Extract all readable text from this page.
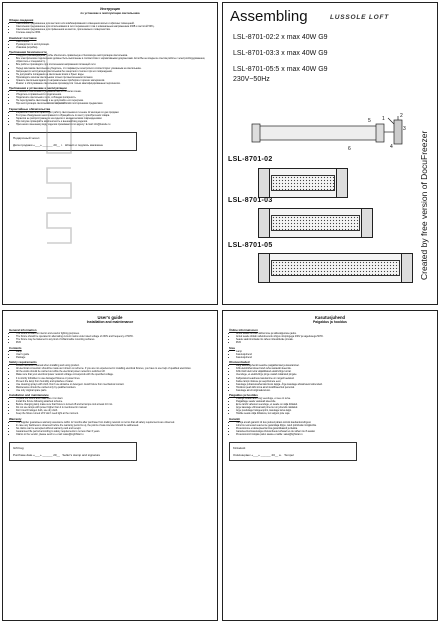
Инструкция
по установке и эксплуатации светильника
Общие сведения
• Светильник предназначен для местного или комбинированного освещения жилых и офисных помещений.
• Светильник предназначен для использования в сети переменного тока с номинальным напряжением 230В и частотой 50Гц.
• Светильник предназначен для применения на местах, прилегаемых к поверхностям.
• Степень защиты IP20.
Комплект поставки
• Светильник.
• Руководство по эксплуатации.
• Упаковка (коробка).
Требования безопасности
• Следуйте рекомендациям, чтобы обеспечить правильную и безопасную эксплуатацию светильника.
• Все электрические подключения должны быть выполнены в соответствии с нормативными документами. Если Вы не владеете опытом работы с электрооборудованием, обратитесь к специалисту.
• Все работы производите при отключенном напряжении питающей сети.
• Перед монтажом светильника убедитесь, что параметры электросети соответствуют указанным на светильнике.
• Запрещается эксплуатация светильника без защитного стекла и при его повреждении.
• Не допускайте попадания на светильник влаги и брызг воды.
• Производите монтаж светильника только при выключенном питании.
• Храните светильник вдали от нагревательных приборов и горючих материалов.
• Ремонт и обслуживание светильника производится только квалифицированным персоналом.
Требования к установке и эксплуатации
• Установите светильник в указанное место согласно схеме.
• Убедитесь в правильности подключения.
• Подключите светильник к сети, соблюдая полярность.
• Не перегружайте светильник и не допускайте его перегрева.
• При эксплуатации светильника не закрывайте его посторонними предметами.
Гарантийные обязательства
• Фирма-изготовитель гарантирует работу светильника в течение 12 месяцев со дня продажи.
• В случае обнаружения неисправности обращайтесь по месту приобретения товара.
• Гарантия не распространяется на изделия с механическими повреждениями.
• При покупке проверяйте комплектность и внешний вид изделия.
• Претензии к внешнему виду изделия принимаются по адресу: E-mail: info@lussole.ru
Подарочный чехол
Дата продажи «___» ______ 20__ г. Штамп и подпись магазина
Assembling	LUSSOLE LOFT
LSL-8701-02:2 x max 40W G9
LSL-8701-03:3 x max 40W G9
LSL-8701-05:5 x max 40W G9
230V~50Hz
1	2
3
4
5
6
LSL-8701-02
LSL-8701-03
LSL-8701-05	Created by free version of DocuFreezer
User's guide
Installation and maintenance
General information
• The fixture is used for interior and exterior lighting purposes.
• The fixture should be operated in alternating current mains under rated voltage of 230V and frequency of 50Hz.
• The fixture may be fastened to any kind of inflammable mounting surfaces.
• IP20
Contents
• Lamp
• User's guide
• Package
Safety requirements
• Follow instruction manual when installing and using product.
• All electrical connection should be made as it shown on scheme. If you are not experienced in installing electrical fixtures, you have to use help of qualified electrician.
• All the works should be carried out while the electrical power network is switched off.
• Make sure that your electrical power network voltage corresponds with the specified voltage.
• It is strictly forbidden to use damaged fixtures or power lines.
• Prevent the lamp from humidity and splashes of water.
• Use cleaning sprays with cloth. Don't use abrasive or detergent. Avoid fixture from mechanical contact.
• Maintenance should be carried only by qualified workers.
• Use only original spare parts.
Installation and maintenance
• Unpack the fixture and make sure it is intact.
• Install the fixture following attached scheme.
• Before changing lamp make sure that fixture is turned off and let lamps cool at least 10 min.
• Do not use lamps with power higher than it is mentioned in manual.
• Don't touch halogen bulb, use dry cloth.
• Keep the fixture turned off if don't need light at the moment.
Warranty
• The supplier guarantees warranty assurance within 12 months after purchase from trading network on terms that all safety requirements are observed.
• In case any faultiness is observed before the warranty period is up, the points of sale intended should be addressed.
• No claims can be accepted without warranty card and receipt.
• Guaranteed life period according to safety requirements is no less than 6 years.
• Claims to the vendor, please send to e-mail: sales@LightStar.ru
Gift bag
Purchase date «___» ______ 20__ Seller's stamp and signature
Kasutusjuhend
Paigaldus ja hooldus
Üldine informatsioon
• Antud seade on ette nähtud sise ja välisvalgustuse jaoks.
• Antud seade töötab vahelduvvoolu võrgus nimipingega 230V ja sagedusega 50Hz.
• Seade saab kinnitada mis tahes mittesüttivale pinnale.
• IP20
Sisu
• Lamp
• Kasutusjuhend
• Kasutusjuhend
Ohutusnõuded
• Järgi kasutusjuhendit seadme paigaldamisel ja kasutamisel.
• Kõik elektriühendused tuleb teha vastavalt skeemile.
• Kõik tööd tuleb teha väljalülitatud elektrivõrgu korral.
• Veenduge, et elektrivõrgu pinge vastab määratud pingele.
• Kahjustatud seadmete kasutamine on rangelt keelatud.
• Kaitse lampi niiskuse ja veepritsmete eest.
• Kasutage puhastusvahendeid koos lapiga. Ärge kasutage abrasiivseid vahendeid.
• Hooldust peab läbi viima ainult kvalifitseeritud personal.
• Kasutage ainult originaalvaruosi.
Paigaldus ja hooldus
• Pakkige seade lahti ning veenduge, et see on terve.
• Paigaldage seade vastavalt skeemile.
• Enne lambi vahetust veenduge, et seade on välja lülitatud.
• Ärge kasutage võimsamaid pirne kui on juhendis näidatud.
• Ärge puudutage halogeenpirni, kasutage kuiva lappi.
• Hoidke seade välja lülitatuna, kui valgust pole vaja.
Garantii
• Tarnija annab garantii 12 kuu jooksul pärast ostmist kaubandusvõrgust.
• Juhul kui esinevad vead enne garantiiaja lõppu, tuleb pöörduda müügikohta.
• Pretensioone ei aktsepteerita ilma garantiikaardi ja tšekita.
• Garanteeritud kasutusiga ohutusnõuete kohaselt ei ole vähem kui 6 aastat.
• Pretensioonid müüjale palun saata e-mailile: sales@lightstar.ru
Kinkekott
Ostukuupäev «___» ______ 20__ a. Tempel
